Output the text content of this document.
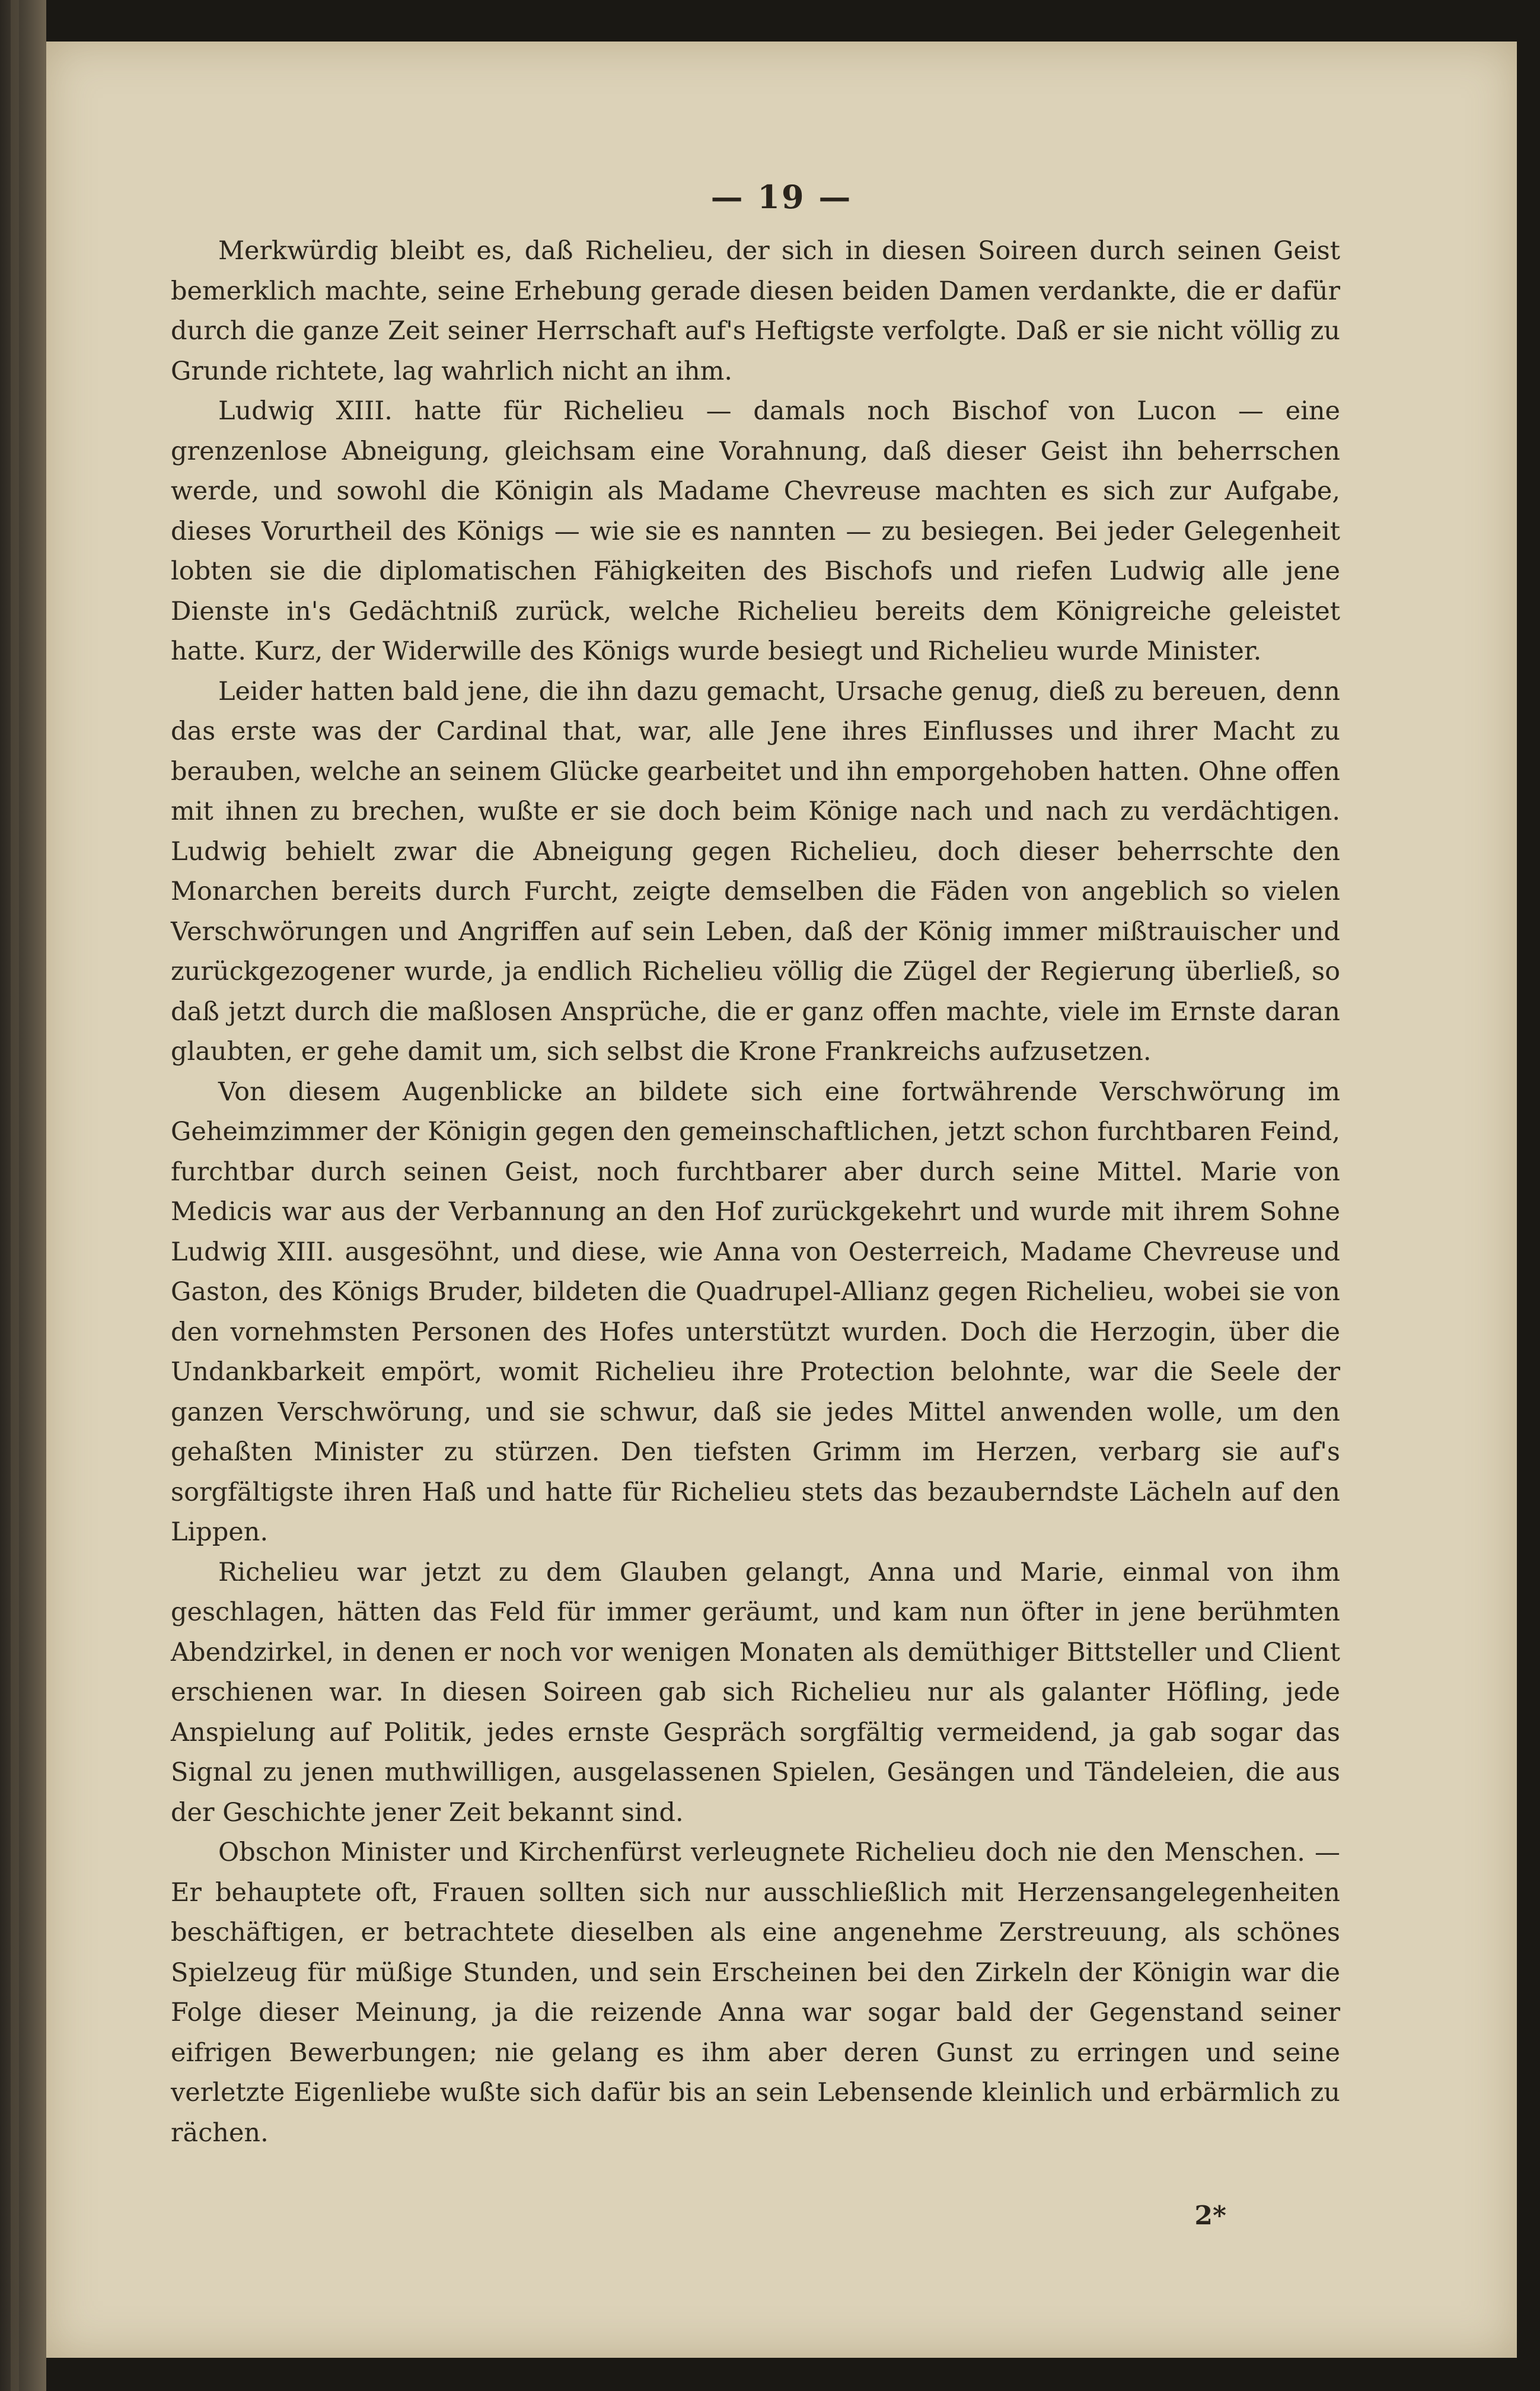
— 19 —

Merkwürdig bleibt es, daß Richelieu, der sich in diesen Soireen durch seinen Geist bemerklich machte, seine Erhebung gerade diesen beiden Damen verdankte, die er dafür durch die ganze Zeit seiner Herrschaft auf's Heftigste verfolgte. Daß er sie nicht völlig zu Grunde richtete, lag wahrlich nicht an ihm.

Ludwig XIII. hatte für Richelieu — damals noch Bischof von Lucon — eine grenzenlose Abneigung, gleichsam eine Vorahnung, daß dieser Geist ihn beherrschen werde, und sowohl die Königin als Madame Chevreuse machten es sich zur Aufgabe, dieses Vorurtheil des Königs — wie sie es nannten — zu besiegen. Bei jeder Gelegenheit lobten sie die diplomatischen Fähigkeiten des Bischofs und riefen Ludwig alle jene Dienste in's Gedächtniß zurück, welche Richelieu bereits dem Königreiche geleistet hatte. Kurz, der Widerwille des Königs wurde besiegt und Richelieu wurde Minister.

Leider hatten bald jene, die ihn dazu gemacht, Ursache genug, dieß zu bereuen, denn das erste was der Cardinal that, war, alle Jene ihres Einflusses und ihrer Macht zu berauben, welche an seinem Glücke gearbeitet und ihn emporgehoben hatten. Ohne offen mit ihnen zu brechen, wußte er sie doch beim Könige nach und nach zu verdächtigen. Ludwig behielt zwar die Abneigung gegen Richelieu, doch dieser beherrschte den Monarchen bereits durch Furcht, zeigte demselben die Fäden von angeblich so vielen Verschwörungen und Angriffen auf sein Leben, daß der König immer mißtrauischer und zurückgezogener wurde, ja endlich Richelieu völlig die Zügel der Regierung überließ, so daß jetzt durch die maßlosen Ansprüche, die er ganz offen machte, viele im Ernste daran glaubten, er gehe damit um, sich selbst die Krone Frankreichs aufzusetzen.

Von diesem Augenblicke an bildete sich eine fortwährende Verschwörung im Geheimzimmer der Königin gegen den gemeinschaftlichen, jetzt schon furchtbaren Feind, furchtbar durch seinen Geist, noch furchtbarer aber durch seine Mittel. Marie von Medicis war aus der Verbannung an den Hof zurückgekehrt und wurde mit ihrem Sohne Ludwig XIII. ausgesöhnt, und diese, wie Anna von Oesterreich, Madame Chevreuse und Gaston, des Königs Bruder, bildeten die Quadrupel-Allianz gegen Richelieu, wobei sie von den vornehmsten Personen des Hofes unterstützt wurden. Doch die Herzogin, über die Undankbarkeit empört, womit Richelieu ihre Protection belohnte, war die Seele der ganzen Verschwörung, und sie schwur, daß sie jedes Mittel anwenden wolle, um den gehaßten Minister zu stürzen. Den tiefsten Grimm im Herzen, verbarg sie auf's sorgfältigste ihren Haß und hatte für Richelieu stets das bezauberndste Lächeln auf den Lippen.

Richelieu war jetzt zu dem Glauben gelangt, Anna und Marie, einmal von ihm geschlagen, hätten das Feld für immer geräumt, und kam nun öfter in jene berühmten Abendzirkel, in denen er noch vor wenigen Monaten als demüthiger Bittsteller und Client erschienen war. In diesen Soireen gab sich Richelieu nur als galanter Höfling, jede Anspielung auf Politik, jedes ernste Gespräch sorgfältig vermeidend, ja gab sogar das Signal zu jenen muthwilligen, ausgelassenen Spielen, Gesängen und Tändeleien, die aus der Geschichte jener Zeit bekannt sind.

Obschon Minister und Kirchenfürst verleugnete Richelieu doch nie den Menschen. — Er behauptete oft, Frauen sollten sich nur ausschließlich mit Herzensangelegenheiten beschäftigen, er betrachtete dieselben als eine angenehme Zerstreuung, als schönes Spielzeug für müßige Stunden, und sein Erscheinen bei den Zirkeln der Königin war die Folge dieser Meinung, ja die reizende Anna war sogar bald der Gegenstand seiner eifrigen Bewerbungen; nie gelang es ihm aber deren Gunst zu erringen und seine verletzte Eigenliebe wußte sich dafür bis an sein Lebensende kleinlich und erbärmlich zu rächen.

2*
